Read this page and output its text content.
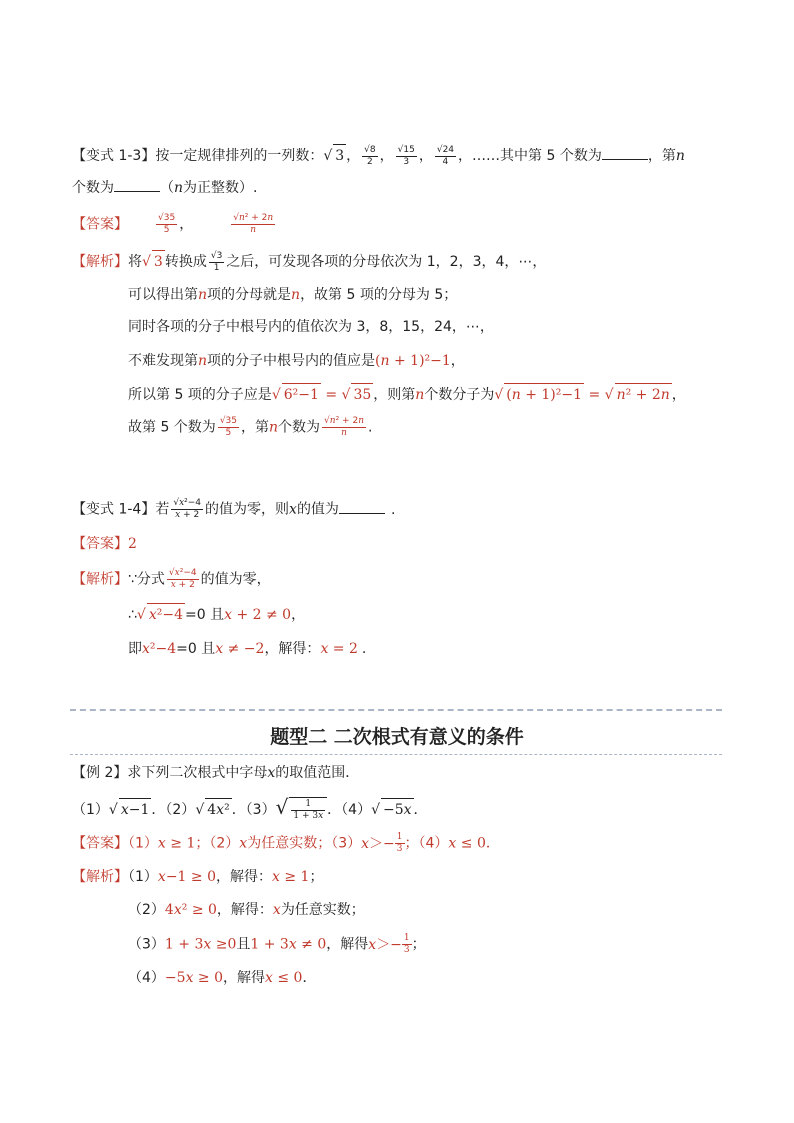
【变式 1-3】按一定规律排列的一列数：√ 3 ， $\frac{√8}{2}$ ， $\frac{√15}{3}$ ， $\frac{√24}{4}$ ，……其中第 5 个数为	，第n
个数为	（n为正整数）.
【答案】	$\frac{√35}{5}$ ，	$\frac{\text{√n² + 2n}}{n}$
【解析】将√ 3 转换成 $\frac{√3}{1}$ 之后，可发现各项的分母依次为 1，2，3，4，⋯，
可以得出第n项的分母就是n，故第 5 项的分母为 5；
同时各项的分子中根号内的值依次为 3，8，15，24，⋯，
不难发现第n项的分子中根号内的值应是(n + 1)²−1，
所以第 5 项的分子应是√ 6²−1 = √ 35 ，则第n个数分子为√ (n + 1)²−1 = √ n² + 2n ，
故第 5 个数为 $\frac{√35}{5}$ ，第n个数为 $\frac{\text{√n² + 2n}}{n}$ .
【变式 1-4】若 $\frac{\text{√x²−4}}{x + 2}$ 的值为零，则x的值为	.
【答案】2
【解析】∵分式 $\frac{\text{√x²−4}}{x + 2}$ 的值为零，
∴√ x²−4 =0 且x + 2 ≠ 0，
即x²−4=0 且x ≠ −2，解得：x = 2 .
题型二 二次根式有意义的条件
【例 2】求下列二次根式中字母x的取值范围．
（1）√ x−1 ．（2）√ 4x² ．$(3)√ \frac{1}{1 + 3x}$ ．（4）√ −5x ．
【答案】（1）x ≥ 1；（2）x为任意实数；$(3)x>- \frac{1}{3}$ ；（4）x ≤ 0．
【解析】（1）x−1 ≥ 0，解得：x ≥ 1；
（2）4x² ≥ 0，解得：x为任意实数；
（3）1 + 3x ≥0且1 + 3x ≠ 0，解得$x>- \frac{1}{3}$ ；
（4）−5x ≥ 0，解得x ≤ 0．
